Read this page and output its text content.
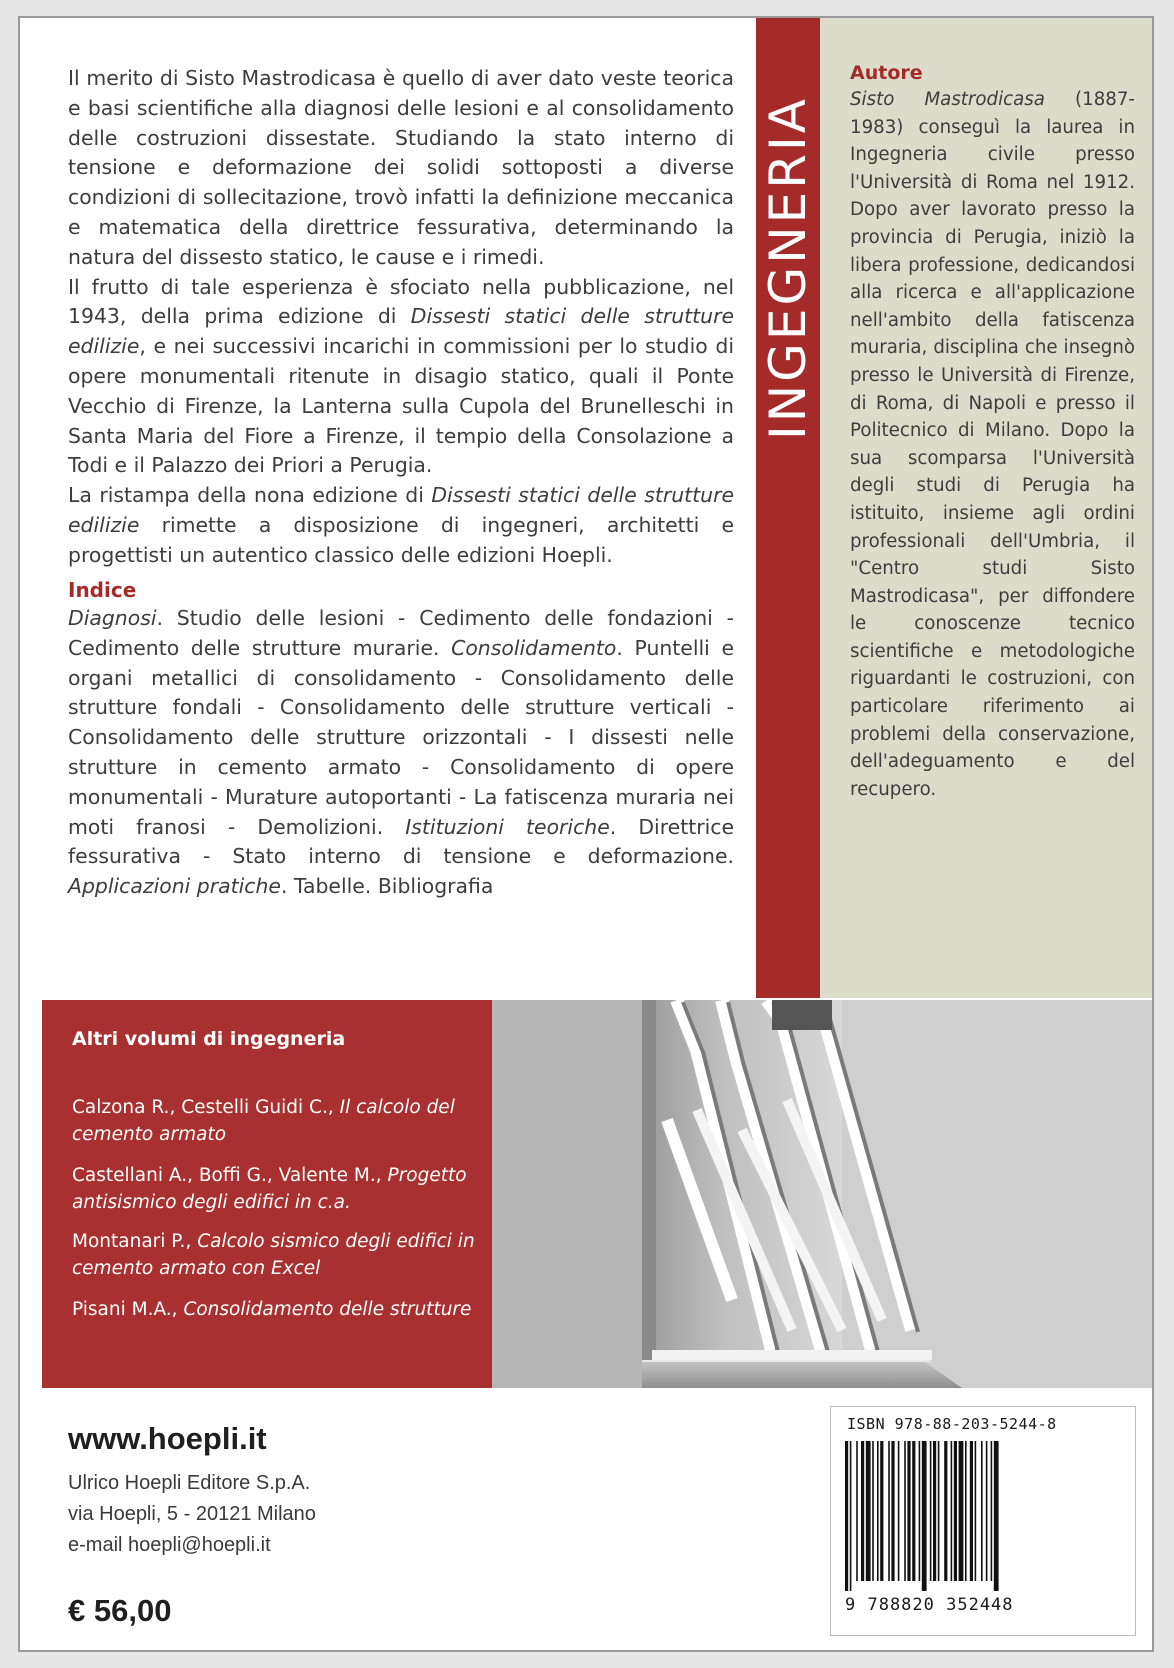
INGEGNERIA
Autore
Sisto Mastrodicasa (1887-1983) conseguì la laurea in Ingegneria civile presso l'Università di Roma nel 1912. Dopo aver lavorato presso la provincia di Perugia, iniziò la libera professione, dedicandosi alla ricerca e all'applicazione nell'ambito della fatiscenza muraria, disciplina che insegnò presso le Università di Firenze, di Roma, di Napoli e presso il Politecnico di Milano. Dopo la sua scomparsa l'Università degli studi di Perugia ha istituito, insieme agli ordini professionali dell'Umbria, il "Centro studi Sisto Mastrodicasa", per diffondere le conoscenze tecnico scientifiche e metodologiche riguardanti le costruzioni, con particolare riferimento ai problemi della conservazione, dell'adeguamento e del recupero.

Il merito di Sisto Mastrodicasa è quello di aver dato veste teorica e basi scientifiche alla diagnosi delle lesioni e al consolidamento delle costruzioni dissestate. Studiando la stato interno di tensione e deformazione dei solidi sottoposti a diverse condizioni di sollecitazione, trovò infatti la definizione meccanica e matematica della direttrice fessurativa, determinando la natura del dissesto statico, le cause e i rimedi.

Il frutto di tale esperienza è sfociato nella pubblicazione, nel 1943, della prima edizione di Dissesti statici delle strutture edilizie, e nei successivi incarichi in commissioni per lo studio di opere monumentali ritenute in disagio statico, quali il Ponte Vecchio di Firenze, la Lanterna sulla Cupola del Brunelleschi in Santa Maria del Fiore a Firenze, il tempio della Consolazione a Todi e il Palazzo dei Priori a Perugia.

La ristampa della nona edizione di Dissesti statici delle strutture edilizie rimette a disposizione di ingegneri, architetti e progettisti un autentico classico delle edizioni Hoepli.

Indice
Diagnosi. Studio delle lesioni - Cedimento delle fondazioni - Cedimento delle strutture murarie. Consolidamento. Puntelli e organi metallici di consolidamento - Consolidamento delle strutture fondali - Consolidamento delle strutture verticali - Consolidamento delle strutture orizzontali - I dissesti nelle strutture in cemento armato - Consolidamento di opere monumentali - Murature autoportanti - La fatiscenza muraria nei moti franosi - Demolizioni. Istituzioni teoriche. Direttrice fessurativa - Stato interno di tensione e deformazione. Applicazioni pratiche. Tabelle. Bibliografia
Altri volumi di ingegneria
Calzona R., Cestelli Guidi C., Il calcolo del cemento armato
Castellani A., Boffi G., Valente M., Progetto antisismico degli edifici in c.a.
Montanari P., Calcolo sismico degli edifici in cemento armato con Excel
Pisani M.A., Consolidamento delle strutture
www.hoepli.it
Ulrico Hoepli Editore S.p.A.
via Hoepli, 5 - 20121 Milano
e-mail hoepli@hoepli.it
€ 56,00
ISBN 978-88-203-5244-8
9 788820 352448
